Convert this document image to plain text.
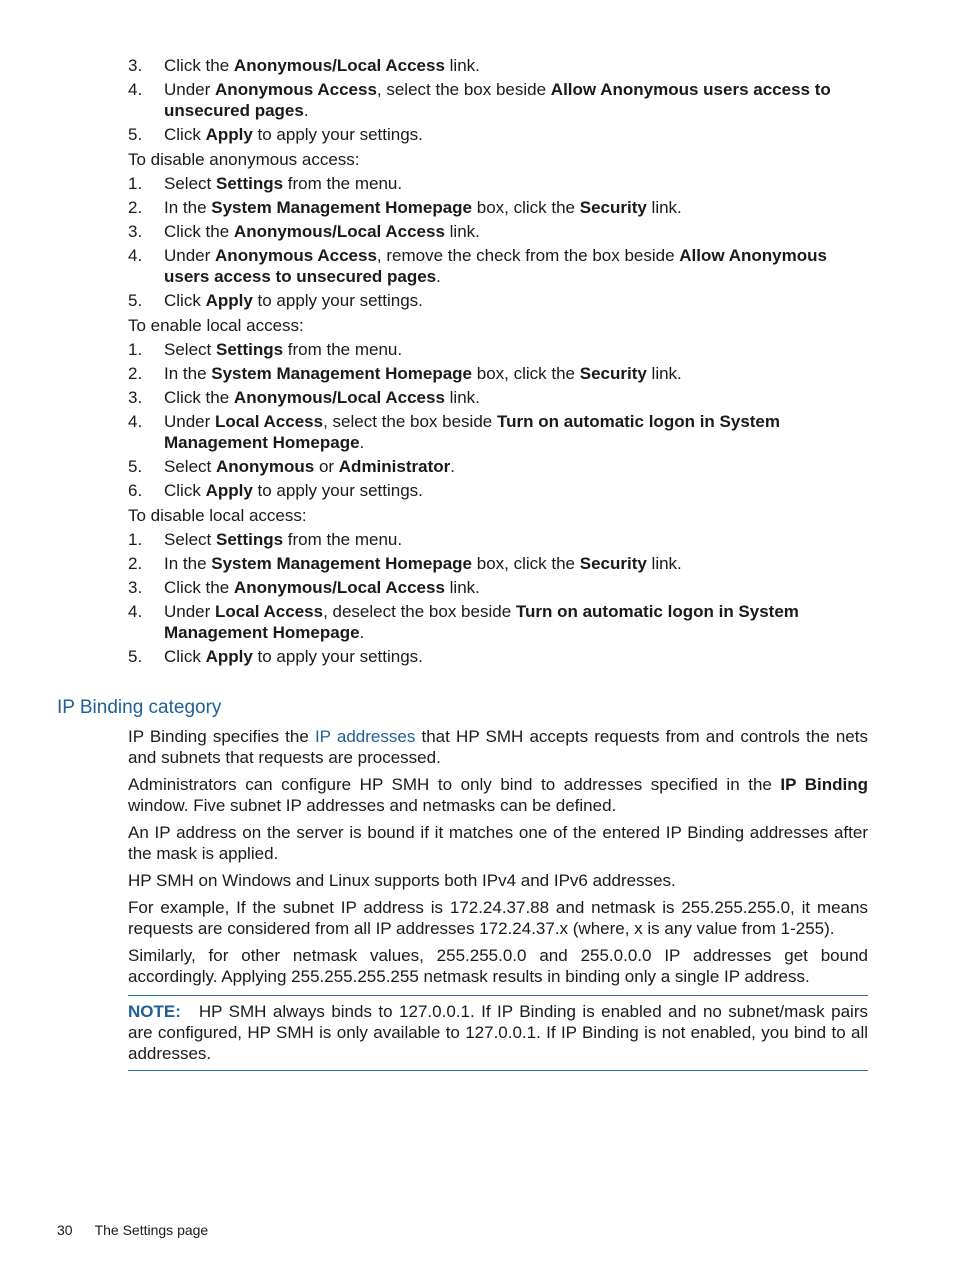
3.	Click the Anonymous/Local Access link.
4.	Under Anonymous Access, select the box beside Allow Anonymous users access to unsecured pages.
5.	Click Apply to apply your settings.
To disable anonymous access:
1.	Select Settings from the menu.
2.	In the System Management Homepage box, click the Security link.
3.	Click the Anonymous/Local Access link.
4.	Under Anonymous Access, remove the check from the box beside Allow Anonymous users access to unsecured pages.
5.	Click Apply to apply your settings.
To enable local access:
1.	Select Settings from the menu.
2.	In the System Management Homepage box, click the Security link.
3.	Click the Anonymous/Local Access link.
4.	Under Local Access, select the box beside Turn on automatic logon in System Management Homepage.
5.	Select Anonymous or Administrator.
6.	Click Apply to apply your settings.
To disable local access:
1.	Select Settings from the menu.
2.	In the System Management Homepage box, click the Security link.
3.	Click the Anonymous/Local Access link.
4.	Under Local Access, deselect the box beside Turn on automatic logon in System Management Homepage.
5.	Click Apply to apply your settings.
IP Binding category

IP Binding specifies the IP addresses that HP SMH accepts requests from and controls the nets and subnets that requests are processed.

Administrators can configure HP SMH to only bind to addresses specified in the IP Binding window. Five subnet IP addresses and netmasks can be defined.

An IP address on the server is bound if it matches one of the entered IP Binding addresses after the mask is applied.

HP SMH on Windows and Linux supports both IPv4 and IPv6 addresses.

For example, If the subnet IP address is 172.24.37.88 and netmask is 255.255.255.0, it means requests are considered from all IP addresses 172.24.37.x (where, x is any value from 1-255).

Similarly, for other netmask values, 255.255.0.0 and 255.0.0.0 IP addresses get bound accordingly. Applying 255.255.255.255 netmask results in binding only a single IP address.

NOTE: HP SMH always binds to 127.0.0.1. If IP Binding is enabled and no subnet/mask pairs are configured, HP SMH is only available to 127.0.0.1. If IP Binding is not enabled, you bind to all addresses.
30 The Settings page
